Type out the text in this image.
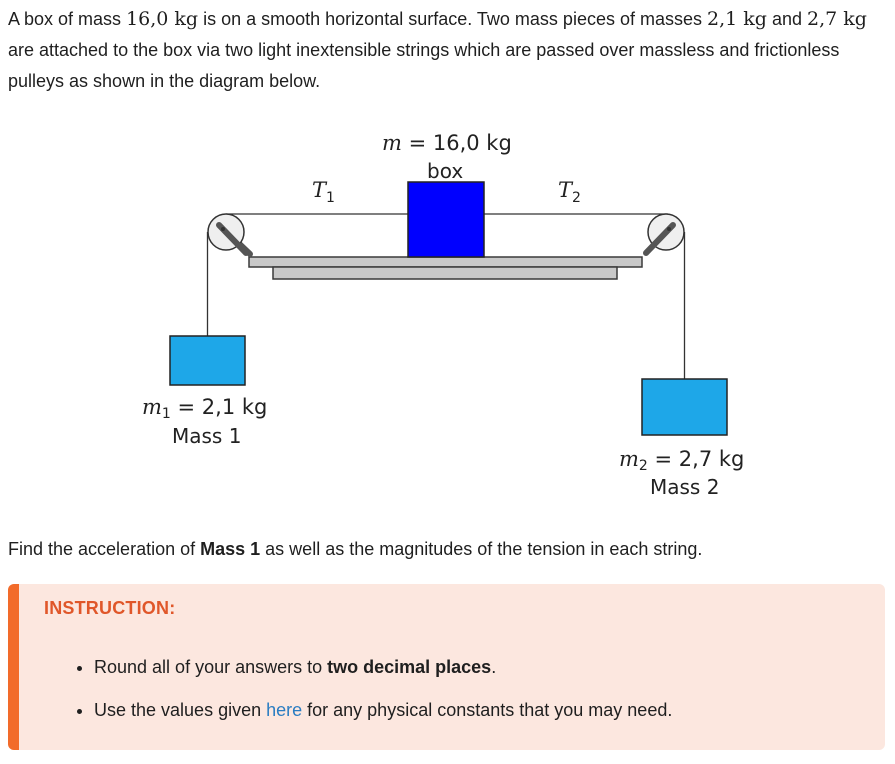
A box of mass 16,0 kg is on a smooth horizontal surface. Two mass pieces of masses 2,1 kg and 2,7 kg are attached to the box via two light inextensible strings which are passed over massless and frictionless pulleys as shown in the diagram below.
m = 16,0 kg
box
$T_1$	$T_2$
m1 = 2,1 kg
Mass 1
m2 = 2,7 kg
Mass 2
Find the acceleration of Mass 1 as well as the magnitudes of the tension in each string.
INSTRUCTION:
• Round all of your answers to two decimal places.
• Use the values given here for any physical constants that you may need.
